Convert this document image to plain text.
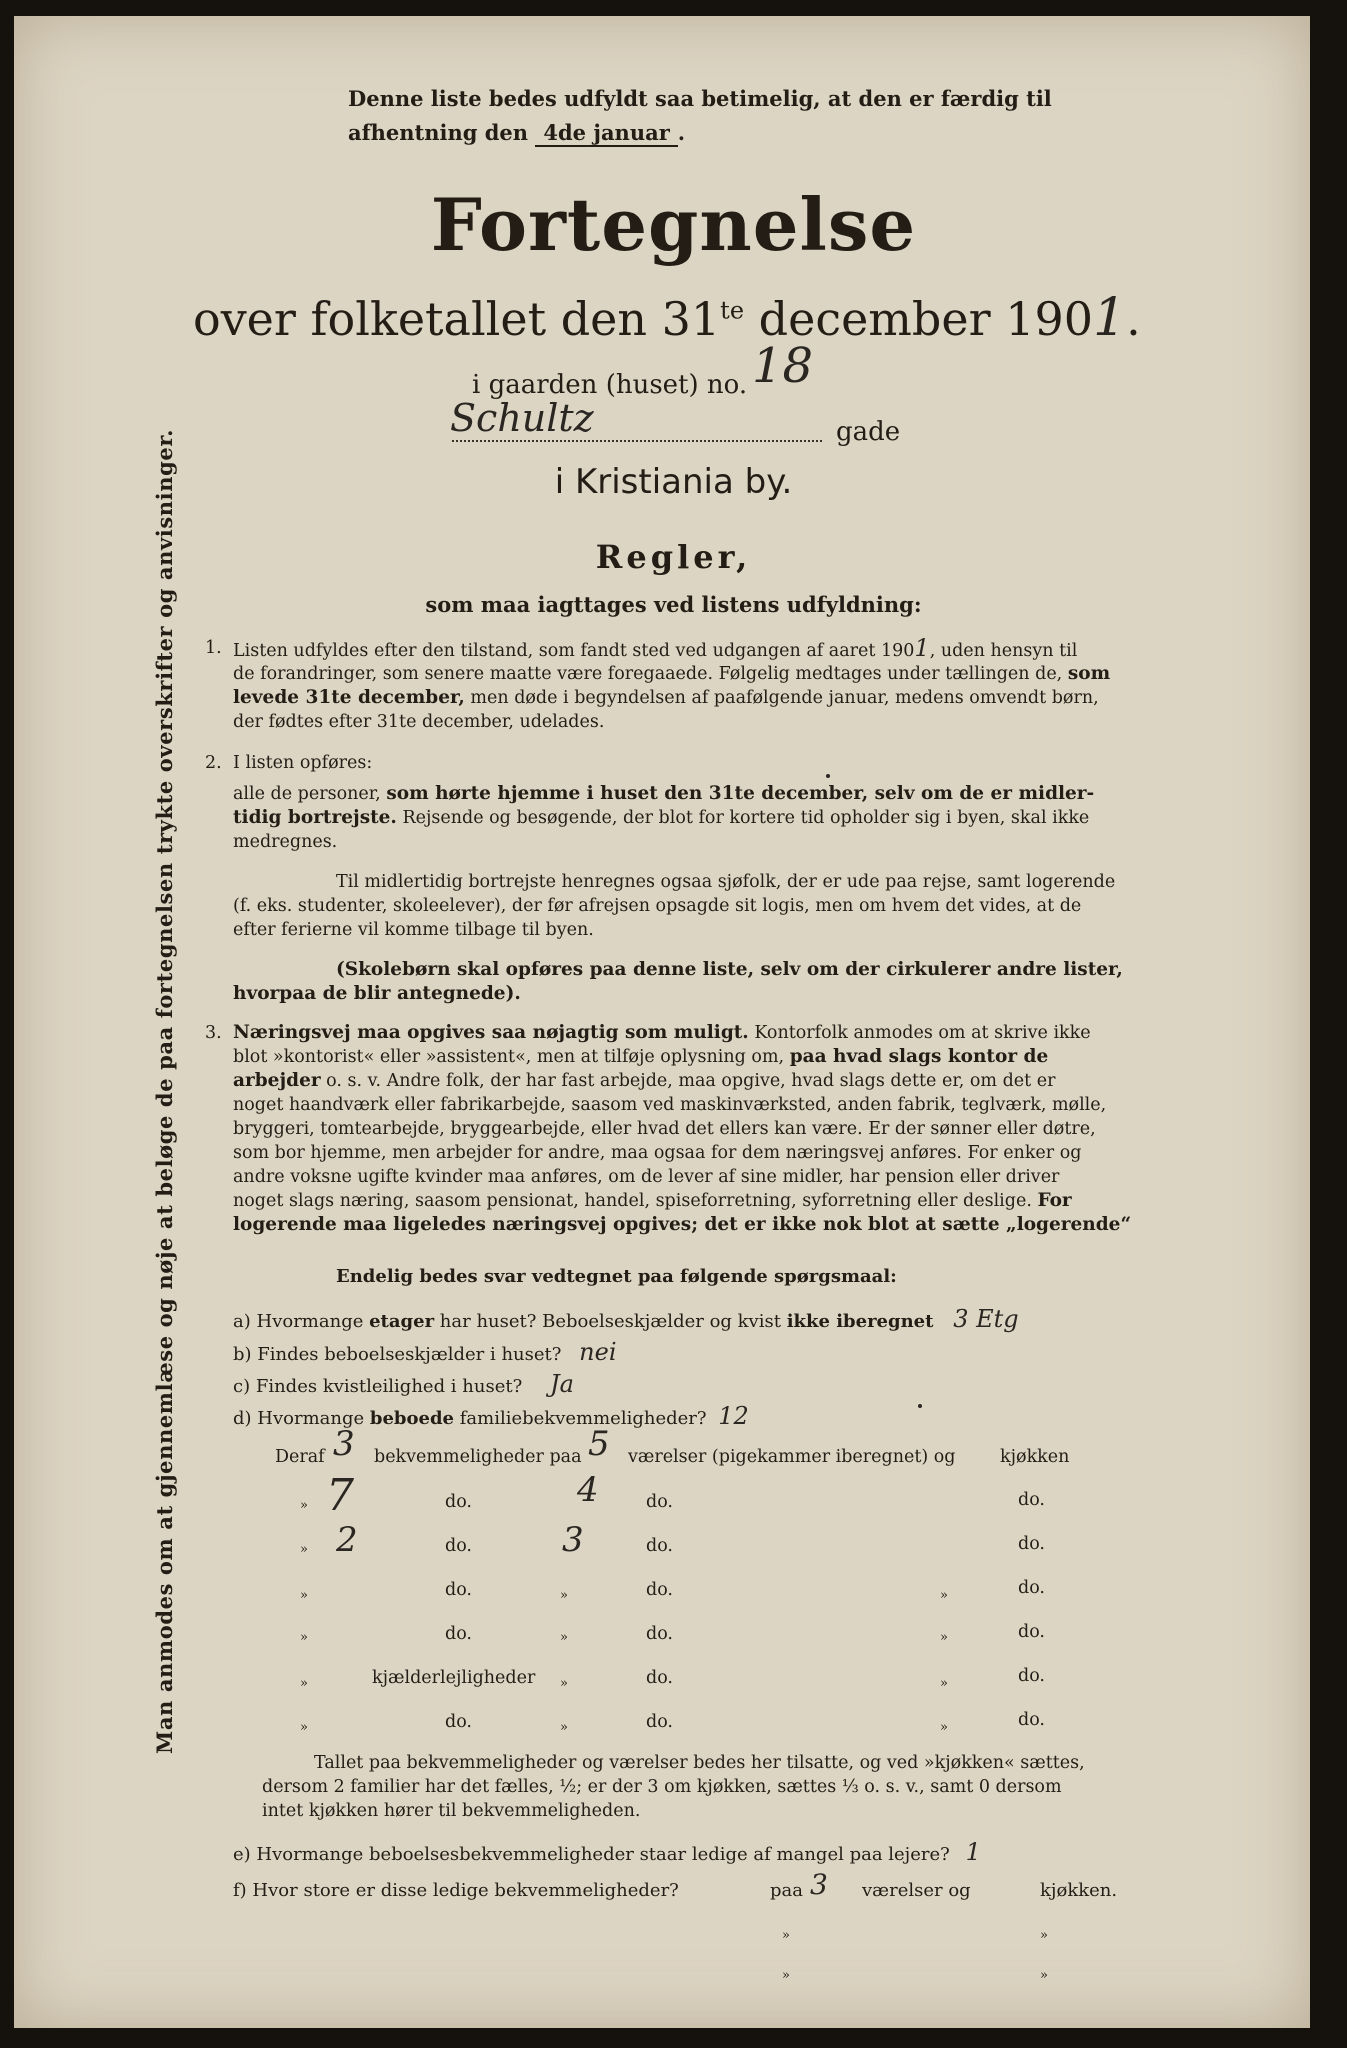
Denne liste bedes udfyldt saa betimelig, at den er færdig til
afhentning den 4de januar .
Fortegnelse
over folketallet den $31^{te}$ december 1901.
i gaarden (huset) no. 18
Schultz	gade
i Kristiania by.
Regler,
som maa iagttages ved listens udfyldning:
1. Listen udfyldes efter den tilstand, som fandt sted ved udgangen af aaret 1901, uden hensyn til
de forandringer, som senere maatte være foregaaede. Følgelig medtages under tællingen de, som
levede 31te december, men døde i begyndelsen af paafølgende januar, medens omvendt børn,
der fødtes efter 31te december, udelades.
2. I listen opføres:
alle de personer, som hørte hjemme i huset den 31te december, selv om de er midler-
tidig bortrejste. Rejsende og besøgende, der blot for kortere tid opholder sig i byen, skal ikke
medregnes.
Til midlertidig bortrejste henregnes ogsaa sjøfolk, der er ude paa rejse, samt logerende
(f. eks. studenter, skoleelever), der før afrejsen opsagde sit logis, men om hvem det vides, at de
efter ferierne vil komme tilbage til byen.
(Skolebørn skal opføres paa denne liste, selv om der cirkulerer andre lister,
hvorpaa de blir antegnede).
3. Næringsvej maa opgives saa nøjagtig som muligt. Kontorfolk anmodes om at skrive ikke
blot »kontorist« eller »assistent«, men at tilføje oplysning om, paa hvad slags kontor de
arbejder o. s. v. Andre folk, der har fast arbejde, maa opgive, hvad slags dette er, om det er
noget haandværk eller fabrikarbejde, saasom ved maskinværksted, anden fabrik, teglværk, mølle,
bryggeri, tomtearbejde, bryggearbejde, eller hvad det ellers kan være. Er der sønner eller døtre,
som bor hjemme, men arbejder for andre, maa ogsaa for dem næringsvej anføres. For enker og
andre voksne ugifte kvinder maa anføres, om de lever af sine midler, har pension eller driver
noget slags næring, saasom pensionat, handel, spiseforretning, syforretning eller deslige. For
logerende maa ligeledes næringsvej opgives; det er ikke nok blot at sætte „logerende“
Man anmodes om at gjennemlæse og nøje at beløge de paa fortegnelsen trykte overskrifter og anvisninger.	Endelig bedes svar vedtegnet paa følgende spørgsmaal:
a) Hvormange etager har huset? Beboelseskjælder og kvist ikke iberegnet 3 Etg
b) Findes beboelseskjælder i huset? nei
c) Findes kvistleilighed i huset? Ja
d) Hvormange beboede familiebekvemmeligheder? 12
Deraf 3 bekvemmeligheder paa 5 værelser (pigekammer iberegnet) og	kjøkken
» 7	do.	4	do.	do.
» 2	do.	3	do.	do.
»	do.	»	do.	»	do.
»	do.	»	do.	»	do.
»	kjælderlejligheder »	do.	»	do.
»	do.	»	do.	»	do.
Tallet paa bekvemmeligheder og værelser bedes her tilsatte, og ved »kjøkken« sættes,
dersom 2 familier har det fælles, ½; er der 3 om kjøkken, sættes ⅓ o. s. v., samt 0 dersom
intet kjøkken hører til bekvemmeligheden.
e) Hvormange beboelsesbekvemmeligheder staar ledige af mangel paa lejere? 1
f) Hvor store er disse ledige bekvemmeligheder?	paa 3 værelser og	kjøkken.
»	»
»	»
